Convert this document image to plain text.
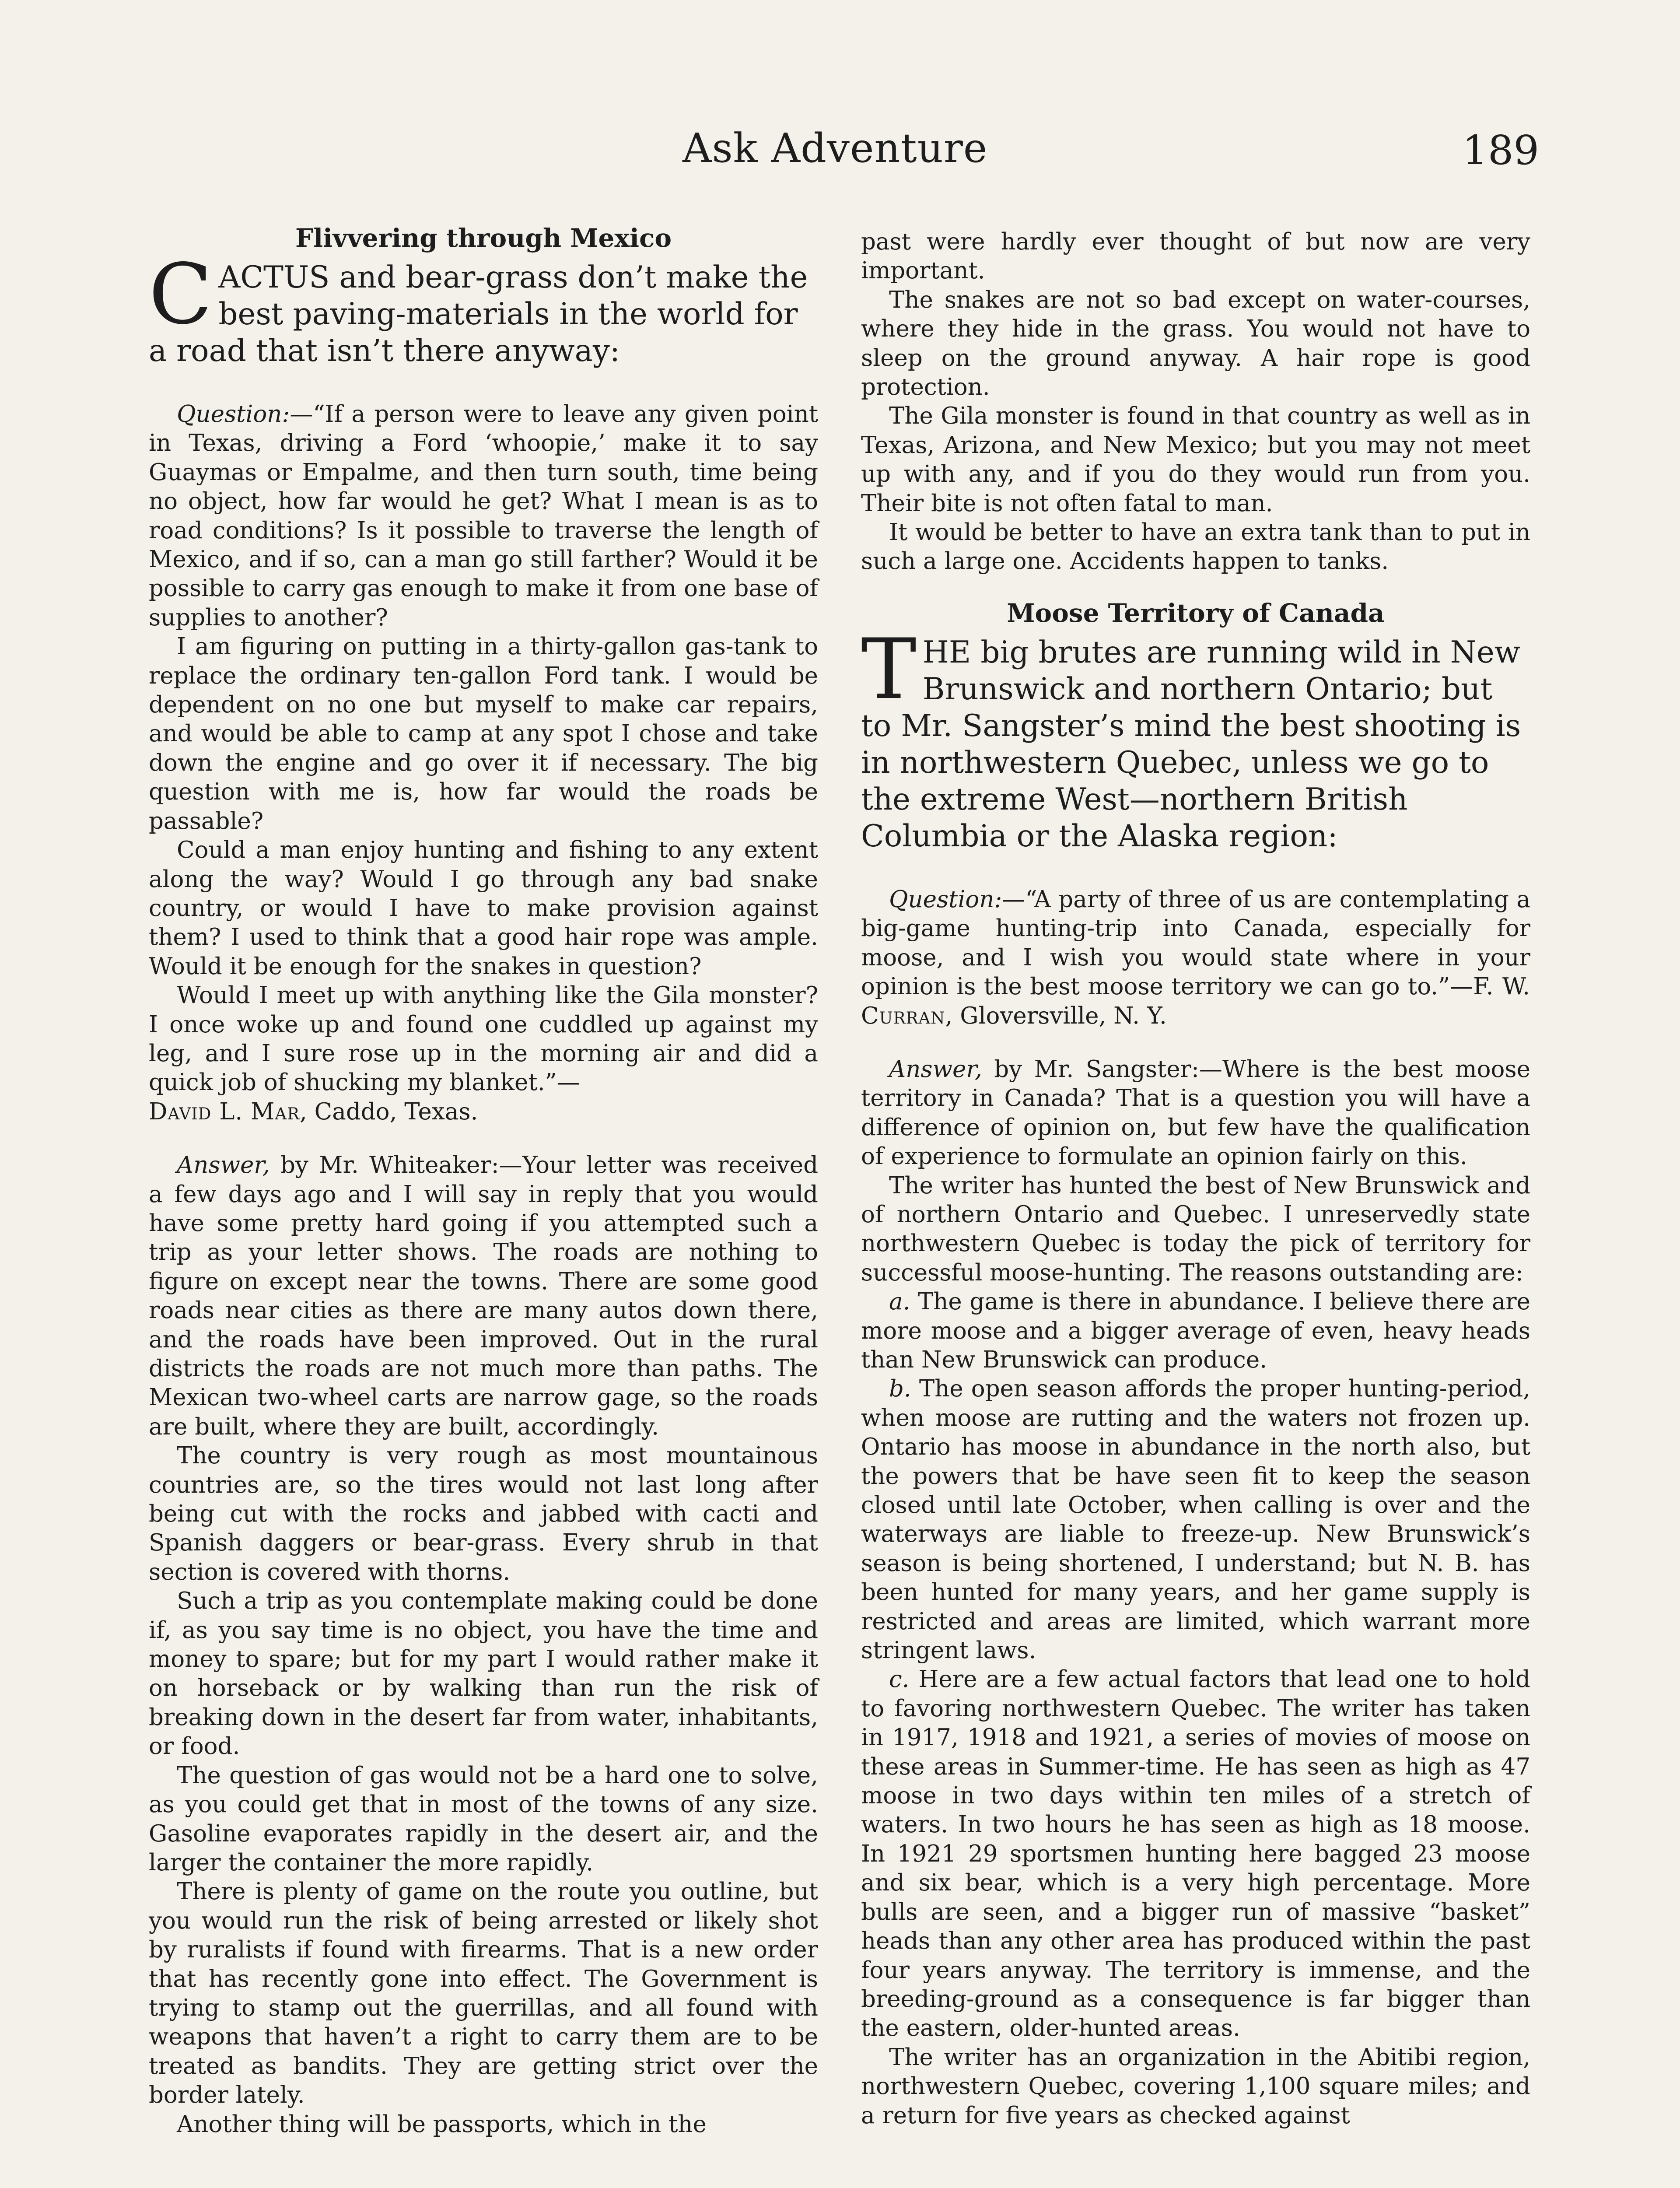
Ask Adventure	189
Flivvering through Mexico
CACTUS and bear-grass don’t make the best paving-materials in the world for a road that isn’t there anyway:

Question:—“If a person were to leave any given point in Texas, driving a Ford ‘whoopie,’ make it to say Guaymas or Empalme, and then turn south, time being no object, how far would he get? What I mean is as to road conditions? Is it possible to traverse the length of Mexico, and if so, can a man go still farther? Would it be possible to carry gas enough to make it from one base of supplies to another?

I am figuring on putting in a thirty-gallon gas-tank to replace the ordinary ten-gallon Ford tank. I would be dependent on no one but myself to make car repairs, and would be able to camp at any spot I chose and take down the engine and go over it if necessary. The big question with me is, how far would the roads be passable?

Could a man enjoy hunting and fishing to any extent along the way? Would I go through any bad snake country, or would I have to make provision against them? I used to think that a good hair rope was ample. Would it be enough for the snakes in question?

Would I meet up with anything like the Gila monster? I once woke up and found one cuddled up against my leg, and I sure rose up in the morning air and did a quick job of shucking my blanket.”—
David L. Mar, Caddo, Texas.

Answer, by Mr. Whiteaker:—Your letter was received a few days ago and I will say in reply that you would have some pretty hard going if you attempted such a trip as your letter shows. The roads are nothing to figure on except near the towns. There are some good roads near cities as there are many autos down there, and the roads have been improved. Out in the rural districts the roads are not much more than paths. The Mexican two-wheel carts are narrow gage, so the roads are built, where they are built, accordingly.

The country is very rough as most mountainous countries are, so the tires would not last long after being cut with the rocks and jabbed with cacti and Spanish daggers or bear-grass. Every shrub in that section is covered with thorns.

Such a trip as you contemplate making could be done if, as you say time is no object, you have the time and money to spare; but for my part I would rather make it on horseback or by walking than run the risk of breaking down in the desert far from water, inhabitants, or food.

The question of gas would not be a hard one to solve, as you could get that in most of the towns of any size. Gasoline evaporates rapidly in the desert air, and the larger the container the more rapidly.

There is plenty of game on the route you outline, but you would run the risk of being arrested or likely shot by ruralists if found with firearms. That is a new order that has recently gone into effect. The Government is trying to stamp out the guerrillas, and all found with weapons that haven’t a right to carry them are to be treated as bandits. They are getting strict over the border lately.

Another thing will be passports, which in the

past were hardly ever thought of but now are very important.

The snakes are not so bad except on water-courses, where they hide in the grass. You would not have to sleep on the ground anyway. A hair rope is good protection.

The Gila monster is found in that country as well as in Texas, Arizona, and New Mexico; but you may not meet up with any, and if you do they would run from you. Their bite is not often fatal to man.

It would be better to have an extra tank than to put in such a large one. Accidents happen to tanks.

Moose Territory of Canada
THE big brutes are running wild in New Brunswick and northern Ontario; but to Mr. Sangster’s mind the best shooting is in northwestern Quebec, unless we go to the extreme West—northern British Columbia or the Alaska region:

Question:—“A party of three of us are contemplating a big-game hunting-trip into Canada, especially for moose, and I wish you would state where in your opinion is the best moose territory we can go to.”—F. W. Curran, Gloversville, N. Y.

Answer, by Mr. Sangster:—Where is the best moose territory in Canada? That is a question you will have a difference of opinion on, but few have the qualification of experience to formulate an opinion fairly on this.

The writer has hunted the best of New Brunswick and of northern Ontario and Quebec. I unreservedly state northwestern Quebec is today the pick of territory for successful moose-hunting. The reasons outstanding are:

a. The game is there in abundance. I believe there are more moose and a bigger average of even, heavy heads than New Brunswick can produce.

b. The open season affords the proper hunting-period, when moose are rutting and the waters not frozen up. Ontario has moose in abundance in the north also, but the powers that be have seen fit to keep the season closed until late October, when calling is over and the waterways are liable to freeze-up. New Brunswick’s season is being shortened, I understand; but N. B. has been hunted for many years, and her game supply is restricted and areas are limited, which warrant more stringent laws.

c. Here are a few actual factors that lead one to hold to favoring northwestern Quebec. The writer has taken in 1917, 1918 and 1921, a series of movies of moose on these areas in Summer-time. He has seen as high as 47 moose in two days within ten miles of a stretch of waters. In two hours he has seen as high as 18 moose. In 1921 29 sportsmen hunting here bagged 23 moose and six bear, which is a very high percentage. More bulls are seen, and a bigger run of massive “basket” heads than any other area has produced within the past four years anyway. The territory is immense, and the breeding-ground as a consequence is far bigger than the eastern, older-hunted areas.

The writer has an organization in the Abitibi region, northwestern Quebec, covering 1,100 square miles; and a return for five years as checked against
